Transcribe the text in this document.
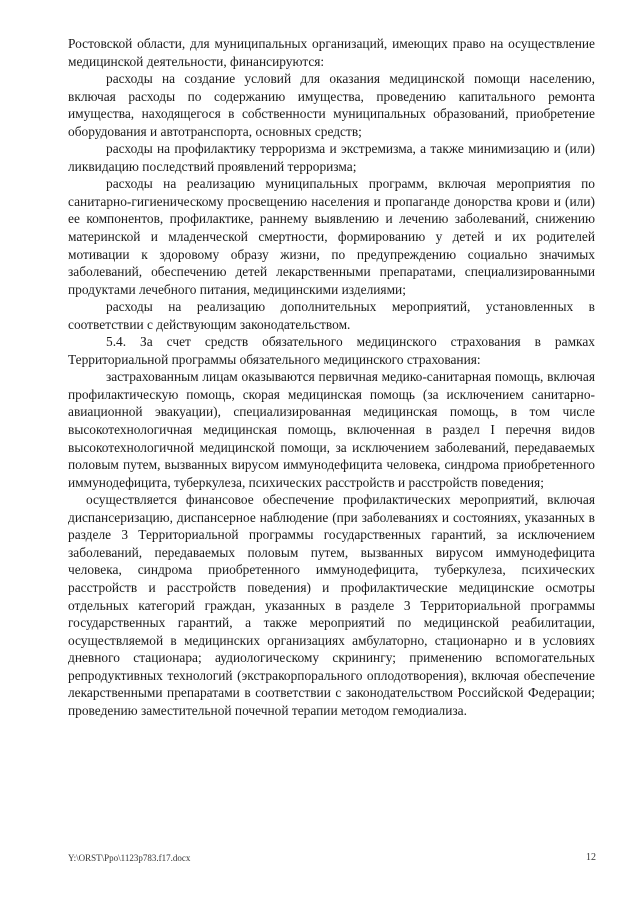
Ростовской области, для муниципальных организаций, имеющих право на осуществление медицинской деятельности, финансируются:

расходы на создание условий для оказания медицинской помощи населению, включая расходы по содержанию имущества, проведению капитального ремонта имущества, находящегося в собственности муниципальных образований, приобретение оборудования и автотранспорта, основных средств;

расходы на профилактику терроризма и экстремизма, а также минимизацию и (или) ликвидацию последствий проявлений терроризма;

расходы на реализацию муниципальных программ, включая мероприятия по санитарно-гигиеническому просвещению населения и пропаганде донорства крови и (или) ее компонентов, профилактике, раннему выявлению и лечению заболеваний, снижению материнской и младенческой смертности, формированию у детей и их родителей мотивации к здоровому образу жизни, по предупреждению социально значимых заболеваний, обеспечению детей лекарственными препаратами, специализированными продуктами лечебного питания, медицинскими изделиями;

расходы на реализацию дополнительных мероприятий, установленных в соответствии с действующим законодательством.

5.4. За счет средств обязательного медицинского страхования в рамках Территориальной программы обязательного медицинского страхования:

застрахованным лицам оказываются первичная медико-санитарная помощь, включая профилактическую помощь, скорая медицинская помощь (за исключением санитарно-авиационной эвакуации), специализированная медицинская помощь, в том числе высокотехнологичная медицинская помощь, включенная в раздел I перечня видов высокотехнологичной медицинской помощи, за исключением заболеваний, передаваемых половым путем, вызванных вирусом иммунодефицита человека, синдрома приобретенного иммунодефицита, туберкулеза, психических расстройств и расстройств поведения;

осуществляется финансовое обеспечение профилактических мероприятий, включая диспансеризацию, диспансерное наблюдение (при заболеваниях и состояниях, указанных в разделе 3 Территориальной программы государственных гарантий, за исключением заболеваний, передаваемых половым путем, вызванных вирусом иммунодефицита человека, синдрома приобретенного иммунодефицита, туберкулеза, психических расстройств и расстройств поведения) и профилактические медицинские осмотры отдельных категорий граждан, указанных в разделе 3 Территориальной программы государственных гарантий, а также мероприятий по медицинской реабилитации, осуществляемой в медицинских организациях амбулаторно, стационарно и в условиях дневного стационара; аудиологическому скринингу; применению вспомогательных репродуктивных технологий (экстракорпорального оплодотворения), включая обеспечение лекарственными препаратами в соответствии с законодательством Российской Федерации; проведению заместительной почечной терапии методом гемодиализа.

Y:\ORST\Ppo\1123p783.f17.docx	12
